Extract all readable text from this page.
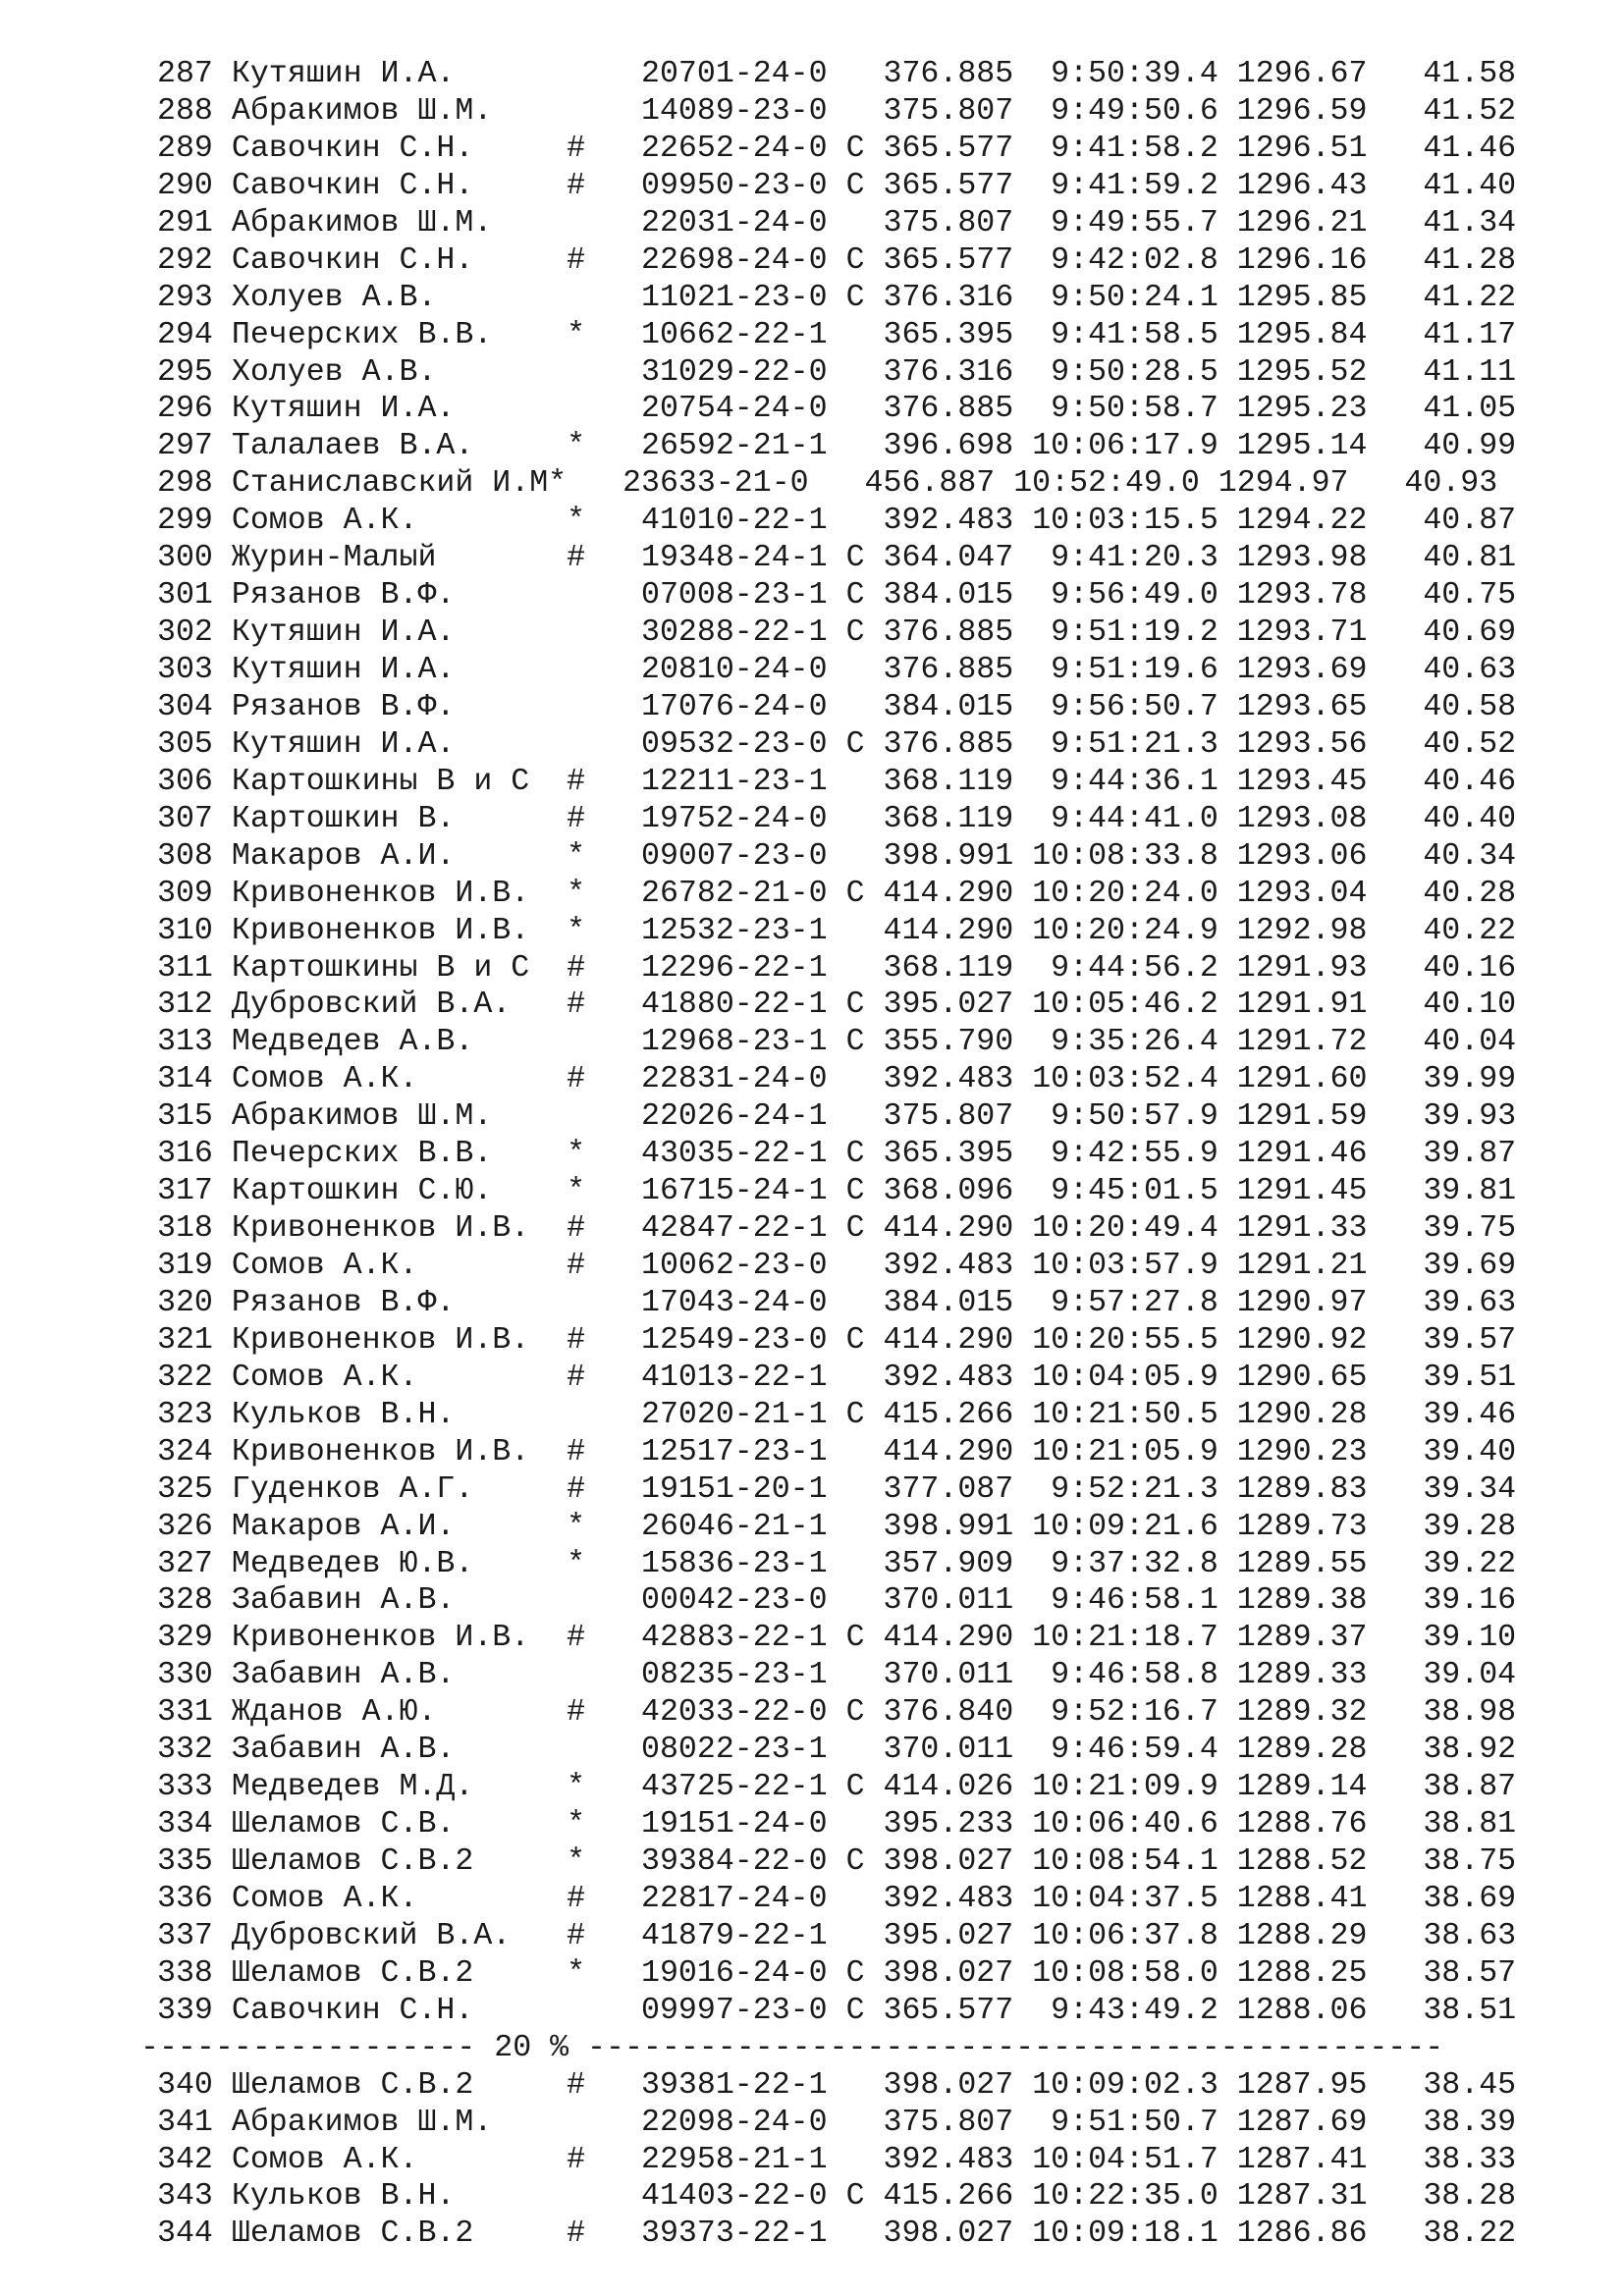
287 Кутяшин И.А.	20701-24-0 376.885  9:50:39.4 1296.67   41.58
288 Абракимов Ш.М.	14089-23-0 375.807  9:49:50.6 1296.59   41.52
289 Савочкин С.Н.	# 22652-24-0 C 365.577  9:41:58.2 1296.51   41.46
290 Савочкин С.Н.	# 09950-23-0 C 365.577  9:41:59.2 1296.43   41.40
291 Абракимов Ш.М.	22031-24-0 375.807  9:49:55.7 1296.21   41.34
292 Савочкин С.Н.	# 22698-24-0 C 365.577  9:42:02.8 1296.16   41.28
293 Холуев А.В.	11021-23-0 C 376.316  9:50:24.1 1295.85   41.22
294 Печерских В.В. * 10662-22-1 365.395  9:41:58.5 1295.84   41.17
295 Холуев А.В.	31029-22-0 376.316  9:50:28.5 1295.52   41.11
296 Кутяшин И.А.	20754-24-0 376.885  9:50:58.7 1295.23   41.05
297 Талалаев В.А.	* 26592-21-1 396.698 10:06:17.9 1295.14   40.99
298 Станиславский И.М* 23633-21-0 456.887 10:52:49.0 1294.97   40.93
299 Сомов А.К.	* 41010-22-1 392.483 10:03:15.5 1294.22   40.87
300 Журин-Малый	# 19348-24-1 C 364.047  9:41:20.3 1293.98   40.81
301 Рязанов В.Ф.	07008-23-1 C 384.015  9:56:49.0 1293.78   40.75
302 Кутяшин И.А.	30288-22-1 C 376.885  9:51:19.2 1293.71   40.69
303 Кутяшин И.А.	20810-24-0 376.885  9:51:19.6 1293.69   40.63
304 Рязанов В.Ф.	17076-24-0 384.015  9:56:50.7 1293.65   40.58
305 Кутяшин И.А.	09532-23-0 C 376.885  9:51:21.3 1293.56   40.52
306 Картошкины В и С # 12211-23-1 368.119  9:44:36.1 1293.45   40.46
307 Картошкин В.	# 19752-24-0 368.119  9:44:41.0 1293.08   40.40
308 Макаров А.И.	* 09007-23-0 398.991 10:08:33.8 1293.06   40.34
309 Кривоненков И.В. * 26782-21-0 C 414.290 10:20:24.0 1293.04   40.28
310 Кривоненков И.В. * 12532-23-1 414.290 10:20:24.9 1292.98   40.22
311 Картошкины В и С # 12296-22-1 368.119  9:44:56.2 1291.93   40.16
312 Дубровский В.А. # 41880-22-1 C 395.027 10:05:46.2 1291.91   40.10
313 Медведев А.В.	12968-23-1 C 355.790  9:35:26.4 1291.72   40.04
314 Сомов А.К.	# 22831-24-0 392.483 10:03:52.4 1291.60   39.99
315 Абракимов Ш.М.	22026-24-1 375.807  9:50:57.9 1291.59   39.93
316 Печерских В.В. * 43035-22-1 C 365.395  9:42:55.9 1291.46   39.87
317 Картошкин С.Ю. * 16715-24-1 C 368.096  9:45:01.5 1291.45   39.81
318 Кривоненков И.В. # 42847-22-1 C 414.290 10:20:49.4 1291.33   39.75
319 Сомов А.К.	# 10062-23-0 392.483 10:03:57.9 1291.21   39.69
320 Рязанов В.Ф.	17043-24-0 384.015  9:57:27.8 1290.97   39.63
321 Кривоненков И.В. # 12549-23-0 C 414.290 10:20:55.5 1290.92   39.57
322 Сомов А.К.	# 41013-22-1 392.483 10:04:05.9 1290.65   39.51
323 Кульков В.Н.	27020-21-1 C 415.266 10:21:50.5 1290.28   39.46
324 Кривоненков И.В. # 12517-23-1 414.290 10:21:05.9 1290.23   39.40
325 Гуденков А.Г.	# 19151-20-1 377.087  9:52:21.3 1289.83   39.34
326 Макаров А.И.	* 26046-21-1 398.991 10:09:21.6 1289.73   39.28
327 Медведев Ю.В.	* 15836-23-1 357.909  9:37:32.8 1289.55   39.22
328 Забавин А.В.	00042-23-0 370.011  9:46:58.1 1289.38   39.16
329 Кривоненков И.В. # 42883-22-1 C 414.290 10:21:18.7 1289.37   39.10
330 Забавин А.В.	08235-23-1 370.011  9:46:58.8 1289.33   39.04
331 Жданов А.Ю.	# 42033-22-0 C 376.840  9:52:16.7 1289.32   38.98
332 Забавин А.В.	08022-23-1 370.011  9:46:59.4 1289.28   38.92
333 Медведев М.Д.	* 43725-22-1 C 414.026 10:21:09.9 1289.14   38.87
334 Шеламов С.В.	* 19151-24-0 395.233 10:06:40.6 1288.76   38.81
335 Шеламов С.В.2	* 39384-22-0 C 398.027 10:08:54.1 1288.52   38.75
336 Сомов А.К.	# 22817-24-0 392.483 10:04:37.5 1288.41   38.69
337 Дубровский В.А. # 41879-22-1 395.027 10:06:37.8 1288.29   38.63
338 Шеламов С.В.2	* 19016-24-0 C 398.027 10:08:58.0 1288.25   38.57
339 Савочкин С.Н.	09997-23-0 C 365.577  9:43:49.2 1288.06   38.51
------------------ 20 % ----------------------------------------------
340 Шеламов С.В.2	# 39381-22-1 398.027 10:09:02.3 1287.95   38.45
341 Абракимов Ш.М.	22098-24-0 375.807  9:51:50.7 1287.69   38.39
342 Сомов А.К.	# 22958-21-1 392.483 10:04:51.7 1287.41   38.33
343 Кульков В.Н.	41403-22-0 C 415.266 10:22:35.0 1287.31   38.28
344 Шеламов С.В.2	# 39373-22-1 398.027 10:09:18.1 1286.86   38.22
